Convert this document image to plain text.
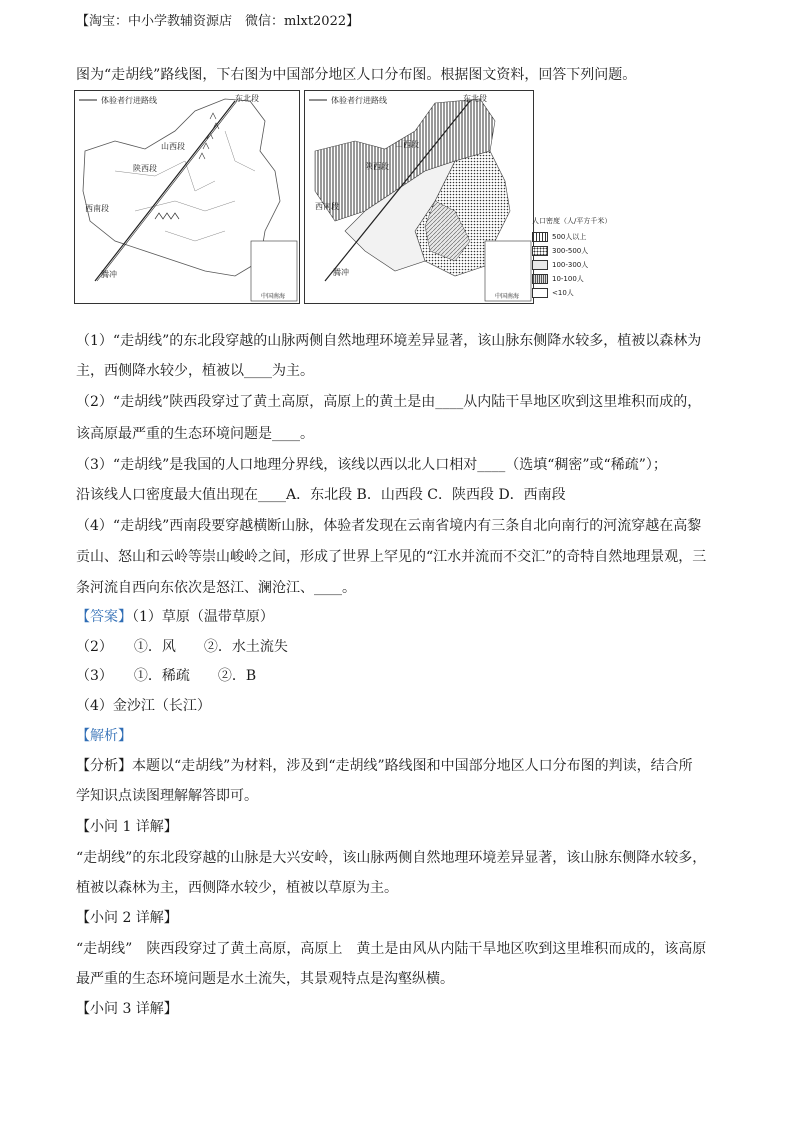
【淘宝：中小学教辅资源店　微信：mlxt2022】
图为“走胡线”路线图，下右图为中国部分地区人口分布图。根据图文资料，回答下列问题。
体验者行进路线	东北段
山西段
陕西段
西南段
腾冲
中国南海
体验者行进路线	东北段
山西段
陕西段
西南段
腾冲
中国南海
人口密度（人/平方千米）
500人以上
300-500人
100-300人
10-100人
<10人
（1）“走胡线”的东北段穿越的山脉两侧自然地理环境差异显著，该山脉东侧降水较多，植被以森林为
主，西侧降水较少，植被以____为主。
（2）“走胡线”陕西段穿过了黄土高原，高原上的黄土是由____从内陆干旱地区吹到这里堆积而成的，
该高原最严重的生态环境问题是____。
（3）“走胡线”是我国的人口地理分界线，该线以西以北人口相对____（选填“稠密”或“稀疏”）；
沿该线人口密度最大值出现在____A．东北段 B．山西段 C．陕西段 D．西南段
（4）“走胡线”西南段要穿越横断山脉，体验者发现在云南省境内有三条自北向南行的河流穿越在高黎
贡山、怒山和云岭等崇山峻岭之间，形成了世界上罕见的“江水并流而不交汇”的奇特自然地理景观，三
条河流自西向东依次是怒江、澜沧江、____。
【答案】（1）草原（温带草原）
（2）　　①．风　　②．水土流失
（3）　　①．稀疏　　②．B
（4）金沙江（长江）
【解析】
【分析】本题以“走胡线”为材料，涉及到“走胡线”路线图和中国部分地区人口分布图的判读，结合所
学知识点读图理解解答即可。
【小问 1 详解】
“走胡线”的东北段穿越的山脉是大兴安岭，该山脉两侧自然地理环境差异显著，该山脉东侧降水较多，
植被以森林为主，西侧降水较少，植被以草原为主。
【小问 2 详解】
“走胡线”　陕西段穿过了黄土高原，高原上　黄土是由风从内陆干旱地区吹到这里堆积而成的，该高原
最严重的生态环境问题是水土流失，其景观特点是沟壑纵横。
【小问 3 详解】
